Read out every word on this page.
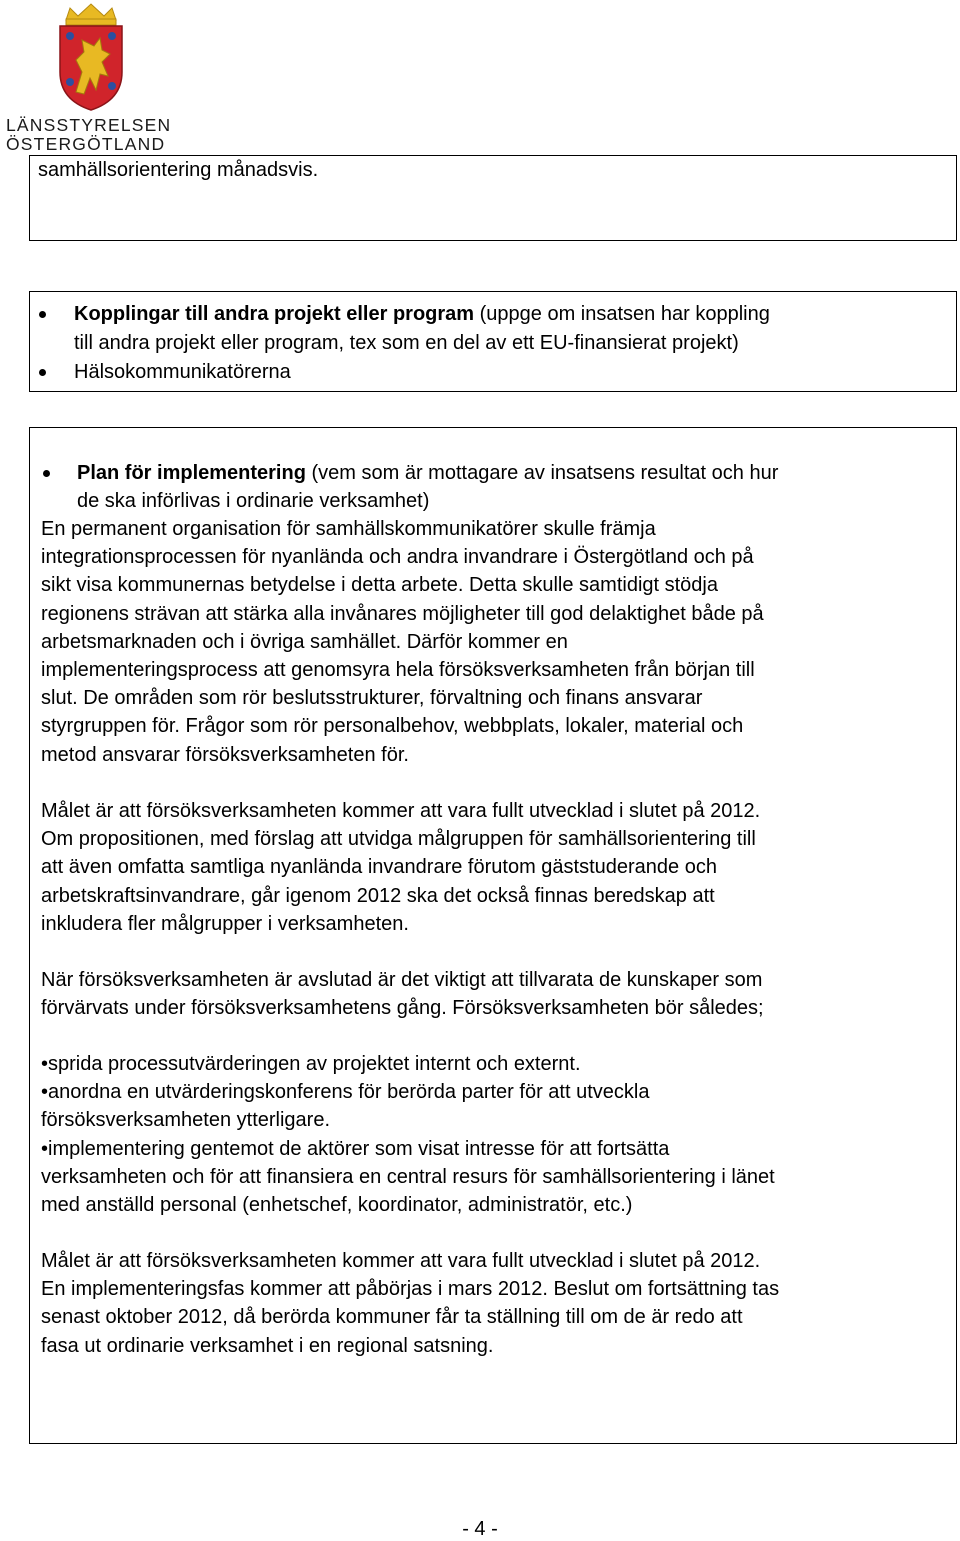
LÄNSSTYRELSEN
ÖSTERGÖTLAND
samhällsorientering månadsvis.
Kopplingar till andra projekt eller program (uppge om insatsen har koppling
till andra projekt eller program, tex som en del av ett EU-finansierat projekt)
Hälsokommunikatörerna
Plan för implementering (vem som är mottagare av insatsens resultat och hur
de ska införlivas i ordinarie verksamhet)

En permanent organisation för samhällskommunikatörer skulle främja

integrationsprocessen för nyanlända och andra invandrare i Östergötland och på

sikt visa kommunernas betydelse i detta arbete. Detta skulle samtidigt stödja

regionens strävan att stärka alla invånares möjligheter till god delaktighet både på

arbetsmarknaden och i övriga samhället. Därför kommer en

implementeringsprocess att genomsyra hela försöksverksamheten från början till

slut. De områden som rör beslutsstrukturer, förvaltning och finans ansvarar

styrgruppen för. Frågor som rör personalbehov, webbplats, lokaler, material och

metod ansvarar försöksverksamheten för.

Målet är att försöksverksamheten kommer att vara fullt utvecklad i slutet på 2012.

Om propositionen, med förslag att utvidga målgruppen för samhällsorientering till

att även omfatta samtliga nyanlända invandrare förutom gäststuderande och

arbetskraftsinvandrare, går igenom 2012 ska det också finnas beredskap att

inkludera fler målgrupper i verksamheten.

När försöksverksamheten är avslutad är det viktigt att tillvarata de kunskaper som

förvärvats under försöksverksamhetens gång. Försöksverksamheten bör således;

•sprida processutvärderingen av projektet internt och externt.

•anordna en utvärderingskonferens för berörda parter för att utveckla

försöksverksamheten ytterligare.

•implementering gentemot de aktörer som visat intresse för att fortsätta

verksamheten och för att finansiera en central resurs för samhällsorientering i länet

med anställd personal (enhetschef, koordinator, administratör, etc.)

Målet är att försöksverksamheten kommer att vara fullt utvecklad i slutet på 2012.

En implementeringsfas kommer att påbörjas i mars 2012. Beslut om fortsättning tas

senast oktober 2012, då berörda kommuner får ta ställning till om de är redo att

fasa ut ordinarie verksamhet i en regional satsning.

- 4 -
